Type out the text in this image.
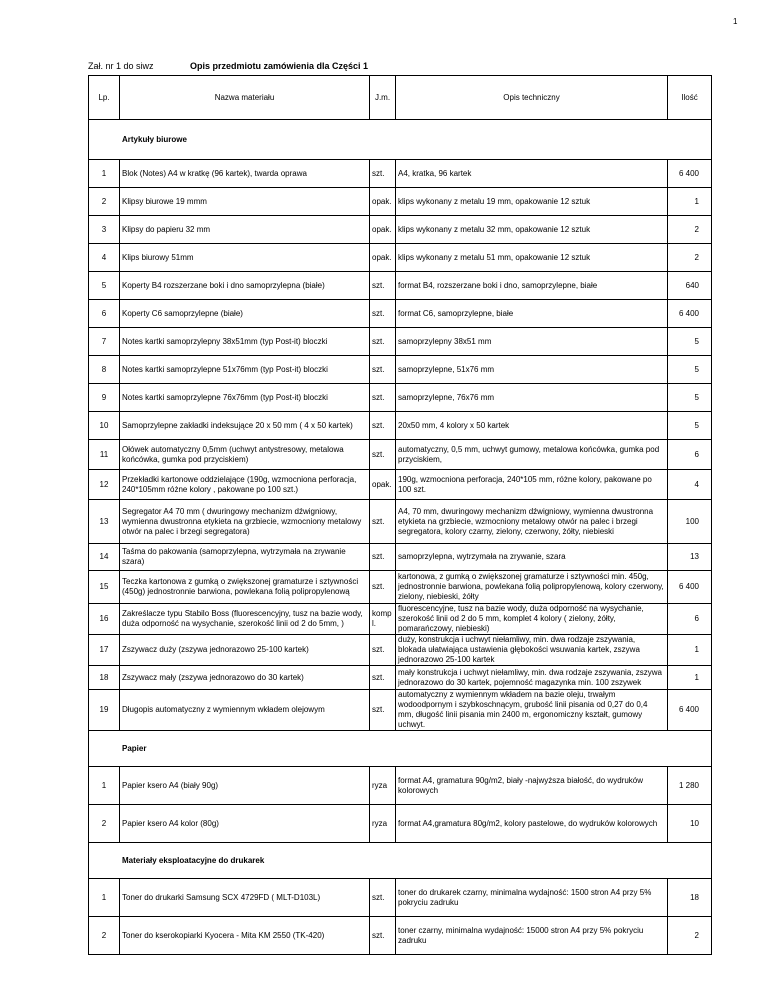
1
Zał. nr 1 do siwz	Opis przedmiotu zamówienia dla Części 1
Lp.	Nazwa materiału	J.m.	Opis techniczny	Ilość
Artykuły biurowe				
1	Blok (Notes) A4 w kratkę (96 kartek), twarda oprawa	szt.	A4, kratka, 96 kartek	6 400
2	Klipsy biurowe 19 mmm	opak.	klips wykonany z metalu 19 mm, opakowanie 12 sztuk	1
3	Klipsy do papieru 32 mm	opak.	klips wykonany z metalu 32 mm, opakowanie 12 sztuk	2
4	Klips biurowy 51mm	opak.	klips wykonany z metalu 51 mm, opakowanie 12 sztuk	2
5	Koperty B4 rozszerzane boki i dno samoprzylepna (białe)	szt.	format B4, rozszerzane boki i dno, samoprzylepne, białe	640
6	Koperty C6 samoprzylepne (białe)	szt.	format C6, samoprzylepne, białe	6 400
7	Notes kartki samoprzylepny 38x51mm (typ Post-it) bloczki	szt.	samoprzylepny 38x51 mm	5
8	Notes kartki samoprzylepne 51x76mm (typ Post-it) bloczki	szt.	samoprzylepne, 51x76 mm	5
9	Notes kartki samoprzylepne 76x76mm (typ Post-it) bloczki	szt.	samoprzylepne, 76x76 mm	5
10	Samoprzylepne zakładki indeksujące 20 x 50 mm ( 4 x 50 kartek)	szt.	20x50 mm, 4 kolory x 50 kartek	5
11	Ołówek automatyczny 0,5mm (uchwyt antystresowy, metalowa końcówka, gumka pod przyciskiem)	szt.	automatyczny, 0,5 mm, uchwyt gumowy, metalowa końcówka, gumka pod przyciskiem,	6
12	Przekładki kartonowe oddzielające (190g, wzmocniona perforacja, 240*105mm różne kolory , pakowane po 100 szt.)	opak.	190g, wzmocniona perforacja, 240*105 mm, różne kolory, pakowane po 100 szt.	4
13	Segregator A4 70 mm ( dwuringowy mechanizm dźwigniowy, wymienna dwustronna etykieta na grzbiecie, wzmocniony metalowy otwór na palec i brzegi segregatora)	szt.	A4, 70 mm, dwuringowy mechanizm dźwigniowy, wymienna dwustronna etykieta na grzbiecie, wzmocniony metalowy otwór na palec i brzegi segregatora, kolory czarny, zielony, czerwony, żółty, niebieski	100
14	Taśma do pakowania (samoprzylepna, wytrzymała na zrywanie szara)	szt.	samoprzylepna, wytrzymała na zrywanie, szara	13
15	Teczka kartonowa z gumką o zwiększonej gramaturze i sztywności (450g) jednostronnie barwiona, powlekana folią polipropylenową	szt.	kartonowa, z gumką o zwiększonej gramaturze i sztywności min. 450g, jednostronnie barwiona, powlekana folią polipropylenową, kolory czerwony, zielony, niebieski, żółty	6 400
16	Zakreślacze typu Stabilo Boss (fluorescencyjny, tusz na bazie wody, duża odporność na wysychanie, szerokość linii od 2 do 5mm, )	komp l.	fluorescencyjne, tusz na bazie wody, duża odporność na wysychanie, szerokość linii od 2 do 5 mm, komplet 4 kolory ( zielony, żółty, pomarańczowy, niebieski)	6
17	Zszywacz duży (zszywa jednorazowo 25-100 kartek)	szt.	duży, konstrukcja i uchwyt niełamliwy, min. dwa rodzaje zszywania, blokada ułatwiająca ustawienia głębokości wsuwania kartek, zszywa jednorazowo 25-100 kartek	1
18	Zszywacz mały (zszywa jednorazowo do 30 kartek)	szt.	mały konstrukcja i uchwyt niełamliwy, min. dwa rodzaje zszywania, zszywa jednorazowo do 30 kartek, pojemność magazynka min. 100 zszywek	1
19	Długopis automatyczny z wymiennym wkładem olejowym	szt.	automatyczny z wymiennym wkładem na bazie oleju, trwałym wodoodpornym i szybkoschnącym, grubość linii pisania od 0,27 do 0,4 mm, długość linii pisania min 2400 m, ergonomiczny kształt, gumowy uchwyt.	6 400
Papier				
1	Papier ksero A4 (biały 90g)	ryza	format A4, gramatura 90g/m2, biały -najwyższa białość, do wydruków kolorowych	1 280
2	Papier ksero A4 kolor (80g)	ryza	format A4,gramatura 80g/m2, kolory pastelowe, do wydruków kolorowych	10
Materiały eksploatacyjne do drukarek				
1	Toner do drukarki Samsung SCX 4729FD ( MLT-D103L)	szt.	toner do drukarek czarny, minimalna wydajność: 1500 stron A4 przy 5% pokryciu zadruku	18
2	Toner do kserokopiarki Kyocera - Mita KM 2550 (TK-420)	szt.	toner czarny, minimalna wydajność: 15000 stron A4 przy 5% pokryciu zadruku	2
